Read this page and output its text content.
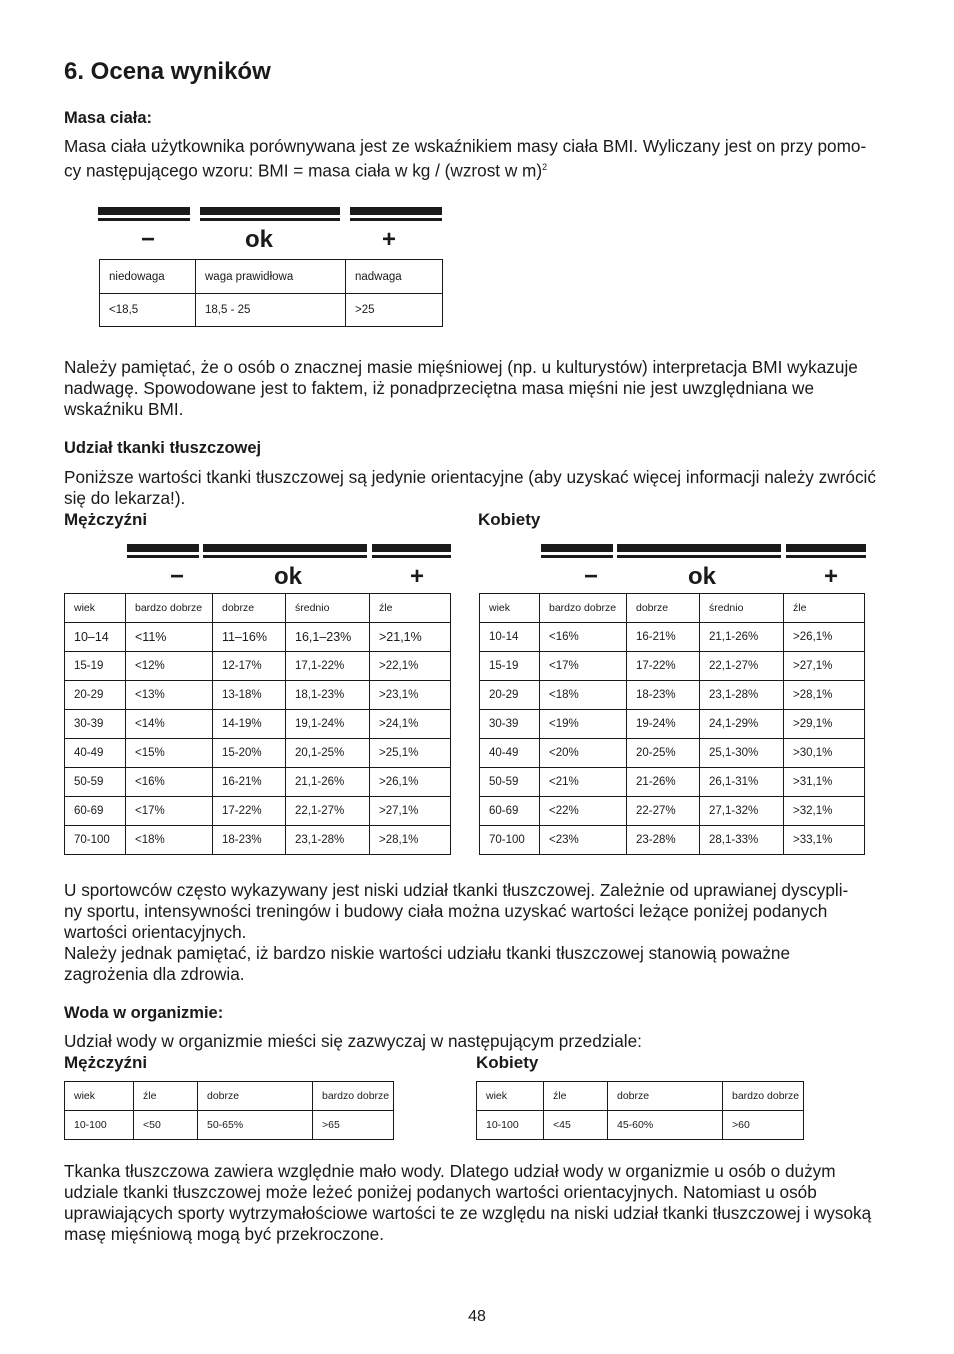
6. Ocena wyników
Masa ciała:
Masa ciała użytkownika porównywana jest ze wskaźnikiem masy ciała BMI. Wyliczany jest on przy pomo-
cy następującego wzoru: BMI = masa ciała w kg / (wzrost w m)$^2$
−	ok	+
niedowaga	waga prawidłowa	nadwaga
<18,5	18,5 - 25	>25
Należy pamiętać, że o osób o znacznej masie mięśniowej (np. u kulturystów) interpretacja BMI wykazuje
nadwagę. Spowodowane jest to faktem, iż ponadprzeciętna masa mięśni nie jest uwzględniana we
wskaźniku BMI.
Udział tkanki tłuszczowej
Poniższe wartości tkanki tłuszczowej są jedynie orientacyjne (aby uzyskać więcej informacji należy zwrócić
się do lekarza!).
Mężczyźni	Kobiety
−	ok	+	−	ok	+
wiek	bardzo dobrze	dobrze	średnio	źle
10–14	<11%	11–16%	16,1–23%	>21,1%
15-19	<12%	12-17%	17,1-22%	>22,1%
20-29	<13%	13-18%	18,1-23%	>23,1%
30-39	<14%	14-19%	19,1-24%	>24,1%
40-49	<15%	15-20%	20,1-25%	>25,1%
50-59	<16%	16-21%	21,1-26%	>26,1%
60-69	<17%	17-22%	22,1-27%	>27,1%
70-100	<18%	18-23%	23,1-28%	>28,1%
wiek	bardzo dobrze	dobrze	średnio	źle
10-14	<16%	16-21%	21,1-26%	>26,1%
15-19	<17%	17-22%	22,1-27%	>27,1%
20-29	<18%	18-23%	23,1-28%	>28,1%
30-39	<19%	19-24%	24,1-29%	>29,1%
40-49	<20%	20-25%	25,1-30%	>30,1%
50-59	<21%	21-26%	26,1-31%	>31,1%
60-69	<22%	22-27%	27,1-32%	>32,1%
70-100	<23%	23-28%	28,1-33%	>33,1%
U sportowców często wykazywany jest niski udział tkanki tłuszczowej. Zależnie od uprawianej dyscypli-
ny sportu, intensywności treningów i budowy ciała można uzyskać wartości leżące poniżej podanych
wartości orientacyjnych.
Należy jednak pamiętać, iż bardzo niskie wartości udziału tkanki tłuszczowej stanowią poważne
zagrożenia dla zdrowia.
Woda w organizmie:
Udział wody w organizmie mieści się zazwyczaj w następującym przedziale:
Mężczyźni	Kobiety
wiek	źle	dobrze	bardzo dobrze
10-100	<50	50-65%	>65
wiek	źle	dobrze	bardzo dobrze
10-100	<45	45-60%	>60
Tkanka tłuszczowa zawiera względnie mało wody. Dlatego udział wody w organizmie u osób o dużym
udziale tkanki tłuszczowej może leżeć poniżej podanych wartości orientacyjnych. Natomiast u osób
uprawiających sporty wytrzymałościowe wartości te ze względu na niski udział tkanki tłuszczowej i wysoką
masę mięśniową mogą być przekroczone.
48
